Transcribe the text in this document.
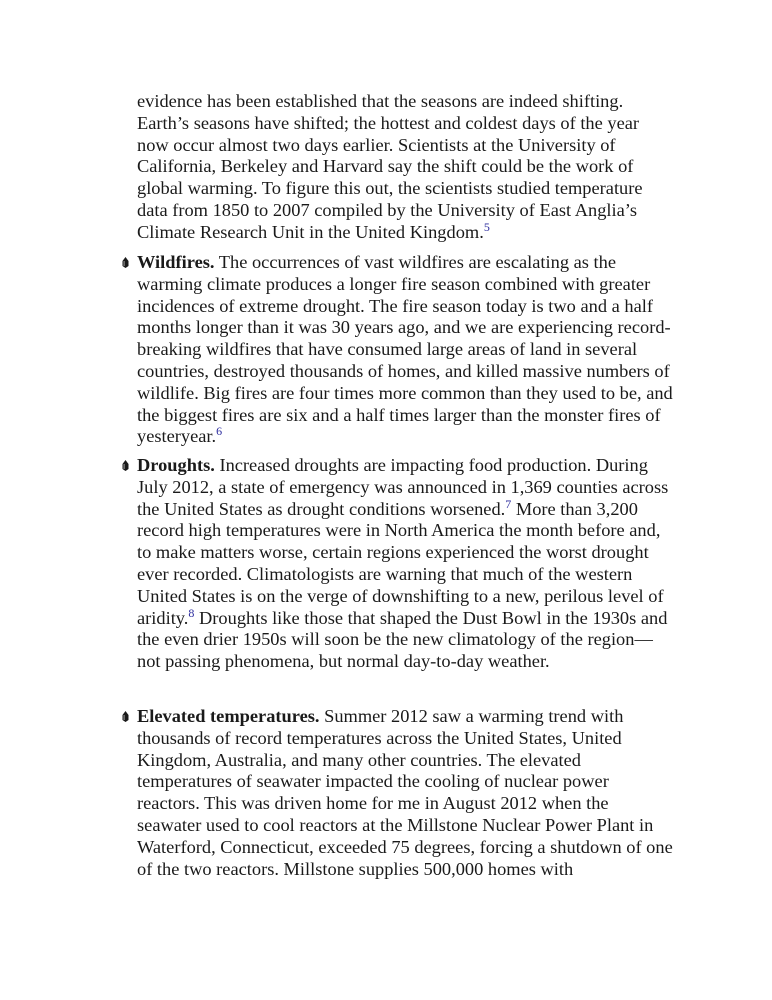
evidence has been established that the seasons are indeed shifting. Earth’s seasons have shifted; the hottest and coldest days of the year now occur almost two days earlier. Scientists at the University of California, Berkeley and Harvard say the shift could be the work of global warming. To figure this out, the scientists studied temperature data from 1850 to 2007 compiled by the University of East Anglia’s Climate Research Unit in the United Kingdom.$^5$

Wildfires. The occurrences of vast wildfires are escalating as the warming climate produces a longer fire season combined with greater incidences of extreme drought. The fire season today is two and a half months longer than it was 30 years ago, and we are experiencing record-breaking wildfires that have consumed large areas of land in several countries, destroyed thousands of homes, and killed massive numbers of wildlife. Big fires are four times more common than they used to be, and the biggest fires are six and a half times larger than the monster fires of yesteryear.$^6$

Droughts. Increased droughts are impacting food production. During July 2012, a state of emergency was announced in 1,369 counties across the United States as drought conditions worsened.$^7$ More than 3,200 record high temperatures were in North America the month before and, to make matters worse, certain regions experienced the worst drought ever recorded. Climatologists are warning that much of the western United States is on the verge of downshifting to a new, perilous level of aridity.$^8$ Droughts like those that shaped the Dust Bowl in the 1930s and the even drier 1950s will soon be the new climatology of the region—not passing phenomena, but normal day-to-day weather.

Elevated temperatures. Summer 2012 saw a warming trend with thousands of record temperatures across the United States, United Kingdom, Australia, and many other countries. The elevated temperatures of seawater impacted the cooling of nuclear power reactors. This was driven home for me in August 2012 when the seawater used to cool reactors at the Millstone Nuclear Power Plant in Waterford, Connecticut, exceeded 75 degrees, forcing a shutdown of one of the two reactors. Millstone supplies 500,000 homes with
